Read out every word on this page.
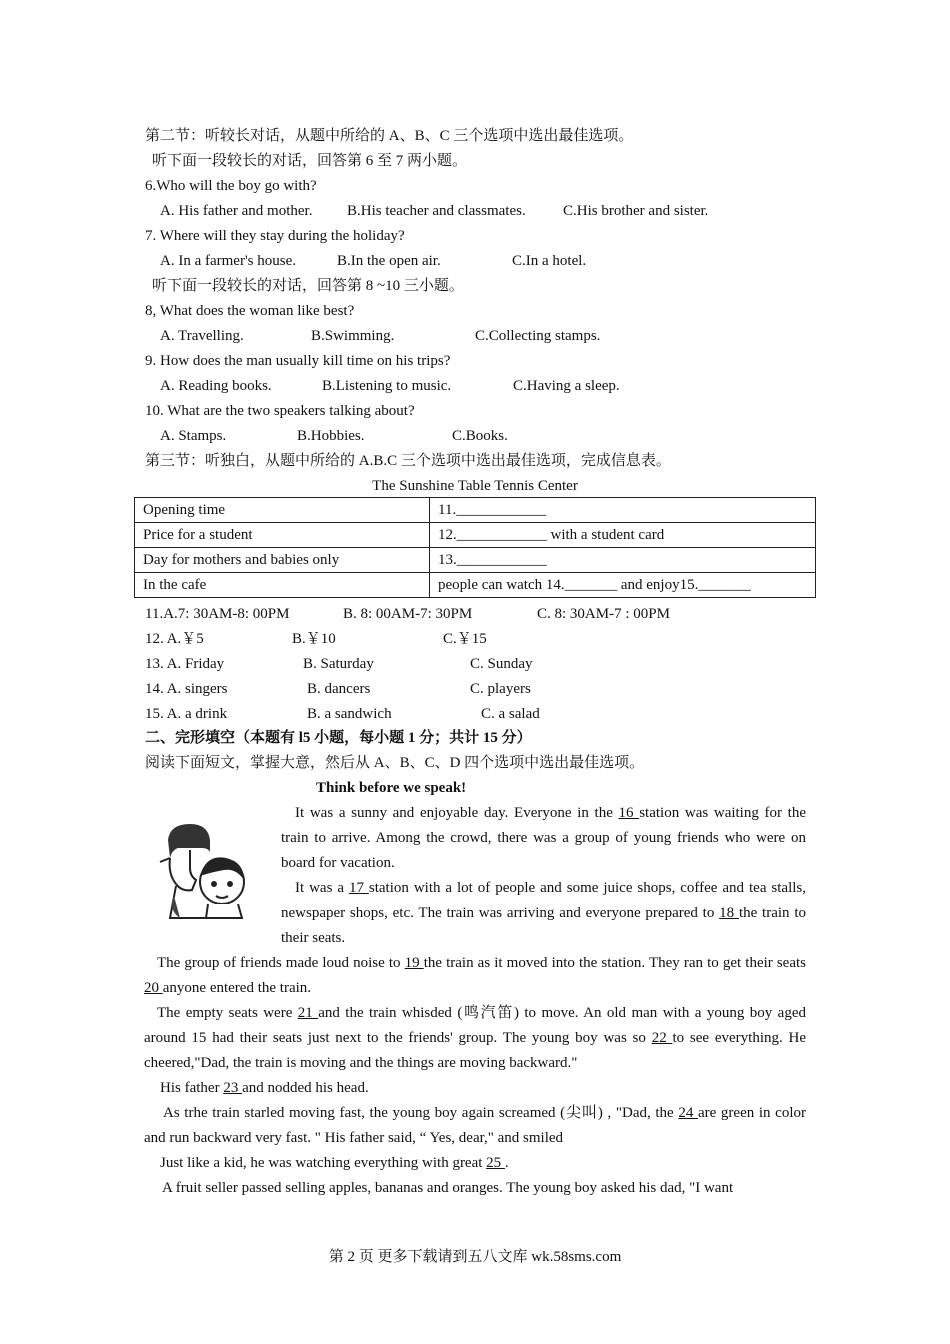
第二节：听较长对话，从题中所给的 A、B、C 三个选项中选出最佳选项。
听下面一段较长的对话，回答第 6 至 7 两小题。
6.Who will the boy go with?
A. His father and mother. B.His teacher and classmates. C.His brother and sister.
7. Where will they stay during the holiday?
A. In a farmer's house.	B.In the open air.	C.In a hotel.
听下面一段较长的对话，回答第 8 ~10 三小题。
8, What does the woman like best?
A. Travelling.	B.Swimming.	C.Collecting stamps.
9. How does the man usually kill time on his trips?
A. Reading books.	B.Listening to music.	C.Having a sleep.
10. What are the two speakers talking about?
A. Stamps.	B.Hobbies.	C.Books.
第三节：听独白，从题中所给的 A.B.C 三个选项中选出最佳选项，完成信息表。
The Sunshine Table Tennis Center
Opening time	11.____________
Price for a student	12.____________ with a student card
Day for mothers and babies only	13.____________
In the cafe	people can watch 14._______ and enjoy15._______
11.A.7: 30AM-8: 00PM	B. 8: 00AM-7: 30PM	C. 8: 30AM-7 : 00PM
12. A.￥5	B.￥10	C.￥15
13. A. Friday	B. Saturday	C. Sunday
14. A. singers	B. dancers	C. players
15. A. a drink	B. a sandwich	C. a salad
二、完形填空（本题有 l5 小题，每小题 1 分；共计 15 分）
阅读下面短文，掌握大意，然后从 A、B、C、D 四个选项中选出最佳选项。
Think before we speak!
It was a sunny and enjoyable day. Everyone in the 16 station was waiting for the train to arrive. Among the crowd, there was a group of young friends who were on board for vacation.
It was a 17 station with a lot of people and some juice shops, coffee and tea stalls, newspaper shops, etc. The train was arriving and everyone prepared to 18 the train to their seats.
The group of friends made loud noise to 19 the train as it moved into the station. They ran to get their seats 20 anyone entered the train.
The empty seats were 21 and the train whisded (鸣汽笛) to move. An old man with a young boy aged around 15 had their seats just next to the friends' group. The young boy was so 22 to see everything. He cheered,"Dad, the train is moving and the things are moving backward."
His father 23 and nodded his head.
As trhe train starled moving fast, the young boy again screamed (尖叫) , "Dad, the 24 are green in color and run backward very fast. " His father said, “ Yes, dear," and smiled
Just like a kid, he was watching everything with great 25 .
A fruit seller passed selling apples, bananas and oranges. The young boy asked his dad, "I want
第 2 页 更多下载请到五八文库 wk.58sms.com
